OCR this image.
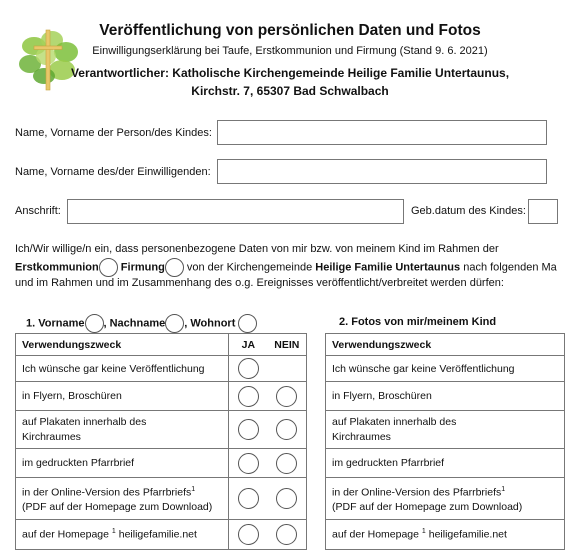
Veröffentlichung von persönlichen Daten und Fotos
Einwilligungserklärung bei Taufe, Erstkommunion und Firmung (Stand 9. 6. 2021)
Verantwortlicher: Katholische Kirchengemeinde Heilige Familie Untertaunus,
Kirchstr. 7, 65307 Bad Schwalbach
Name, Vorname der Person/des Kindes:
Name, Vorname des/der Einwilligenden:
Anschrift:	Geb.datum des Kindes:
Ich/Wir willige/n ein, dass personenbezogene Daten von mir bzw. von meinem Kind im Rahmen der
Erstkommunion Firmung von der Kirchengemeinde Heilige Familie Untertaunus nach folgenden Ma
und im Rahmen und im Zusammenhang des o.g. Ereignisses veröffentlicht/verbreitet werden dürfen:
1. Vorname , Nachname , Wohnort	2. Fotos von mir/meinem Kind
Verwendungszweck	JA	NEIN
Ich wünsche gar keine Veröffentlichung		
in Flyern, Broschüren		
auf Plakaten innerhalb des
Kirchraumes		
im gedruckten Pfarrbrief		
in der Online-Version des Pfarrbriefs$^1$
(PDF auf der Homepage zum Download)		
auf der Homepage $^1$ heiligefamilie.net		
Verwendungszweck
Ich wünsche gar keine Veröffentlichung
in Flyern, Broschüren
auf Plakaten innerhalb des
Kirchraumes
im gedruckten Pfarrbrief
in der Online-Version des Pfarrbriefs$^1$
(PDF auf der Homepage zum Download)
auf der Homepage $^1$ heiligefamilie.net
